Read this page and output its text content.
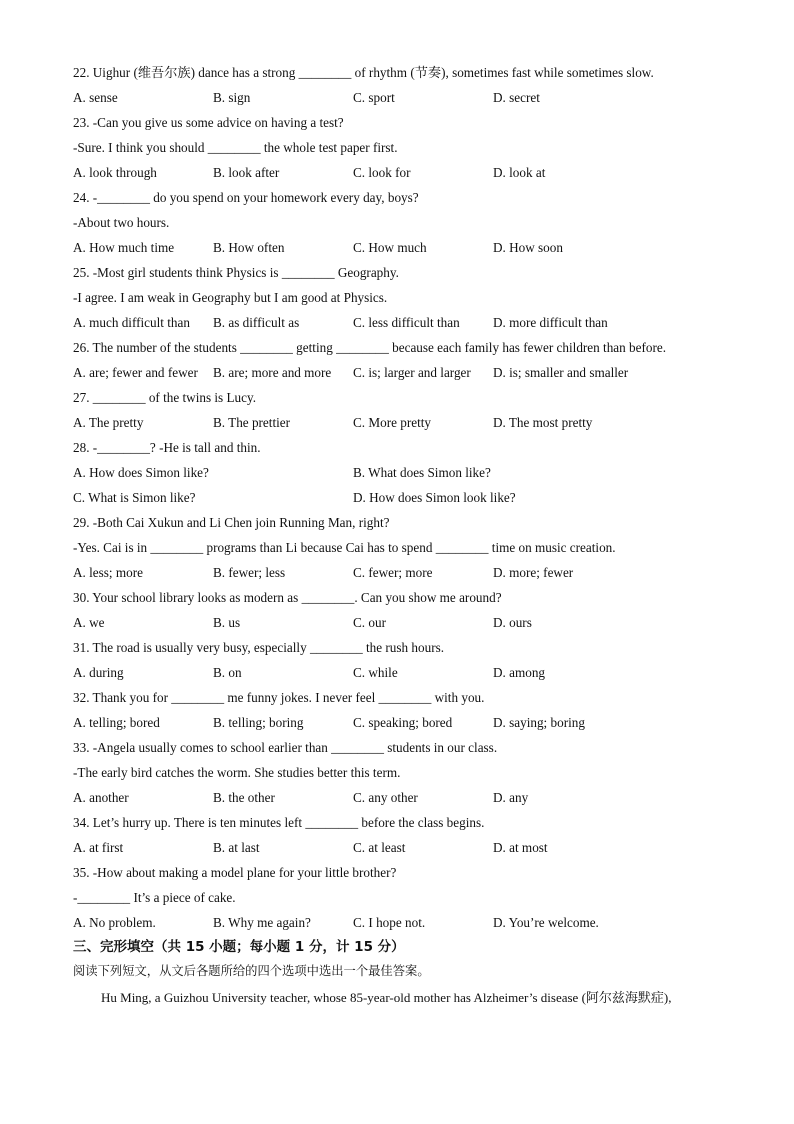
22. Uighur (维吾尔族) dance has a strong ________ of rhythm (节奏), sometimes fast while sometimes slow.
A. sense	B. sign	C. sport	D. secret
23. -Can you give us some advice on having a test?
-Sure. I think you should ________ the whole test paper first.
A. look through	B. look after	C. look for	D. look at
24. -________ do you spend on your homework every day, boys?
-About two hours.
A. How much time	B. How often	C. How much	D. How soon
25. -Most girl students think Physics is ________ Geography.
-I agree. I am weak in Geography but I am good at Physics.
A. much difficult than B. as difficult as	C. less difficult than	D. more difficult than
26. The number of the students ________ getting ________ because each family has fewer children than before.
A. are; fewer and fewer B. are; more and more C. is; larger and larger D. is; smaller and smaller
27. ________ of the twins is Lucy.
A. The pretty	B. The prettier	C. More pretty	D. The most pretty
28. -________? -He is tall and thin.
A. How does Simon like?	B. What does Simon like?
C. What is Simon like?	D. How does Simon look like?
29. -Both Cai Xukun and Li Chen join Running Man, right?
-Yes. Cai is in ________ programs than Li because Cai has to spend ________ time on music creation.
A. less; more	B. fewer; less	C. fewer; more	D. more; fewer
30. Your school library looks as modern as ________. Can you show me around?
A. we	B. us	C. our	D. ours
31. The road is usually very busy, especially ________ the rush hours.
A. during	B. on	C. while	D. among
32. Thank you for ________ me funny jokes. I never feel ________ with you.
A. telling; bored	B. telling; boring	C. speaking; bored	D. saying; boring
33. -Angela usually comes to school earlier than ________ students in our class.
-The early bird catches the worm. She studies better this term.
A. another	B. the other	C. any other	D. any
34. Let’s hurry up. There is ten minutes left ________ before the class begins.
A. at first	B. at last	C. at least	D. at most
35. -How about making a model plane for your little brother?
-________ It’s a piece of cake.
A. No problem.	B. Why me again?	C. I hope not.	D. You’re welcome.
三、完形填空（共 15 小题；每小题 1 分，计 15 分）
阅读下列短文，从文后各题所给的四个选项中选出一个最佳答案。
Hu Ming, a Guizhou University teacher, whose 85-year-old mother has Alzheimer’s disease (阿尔兹海默症),
